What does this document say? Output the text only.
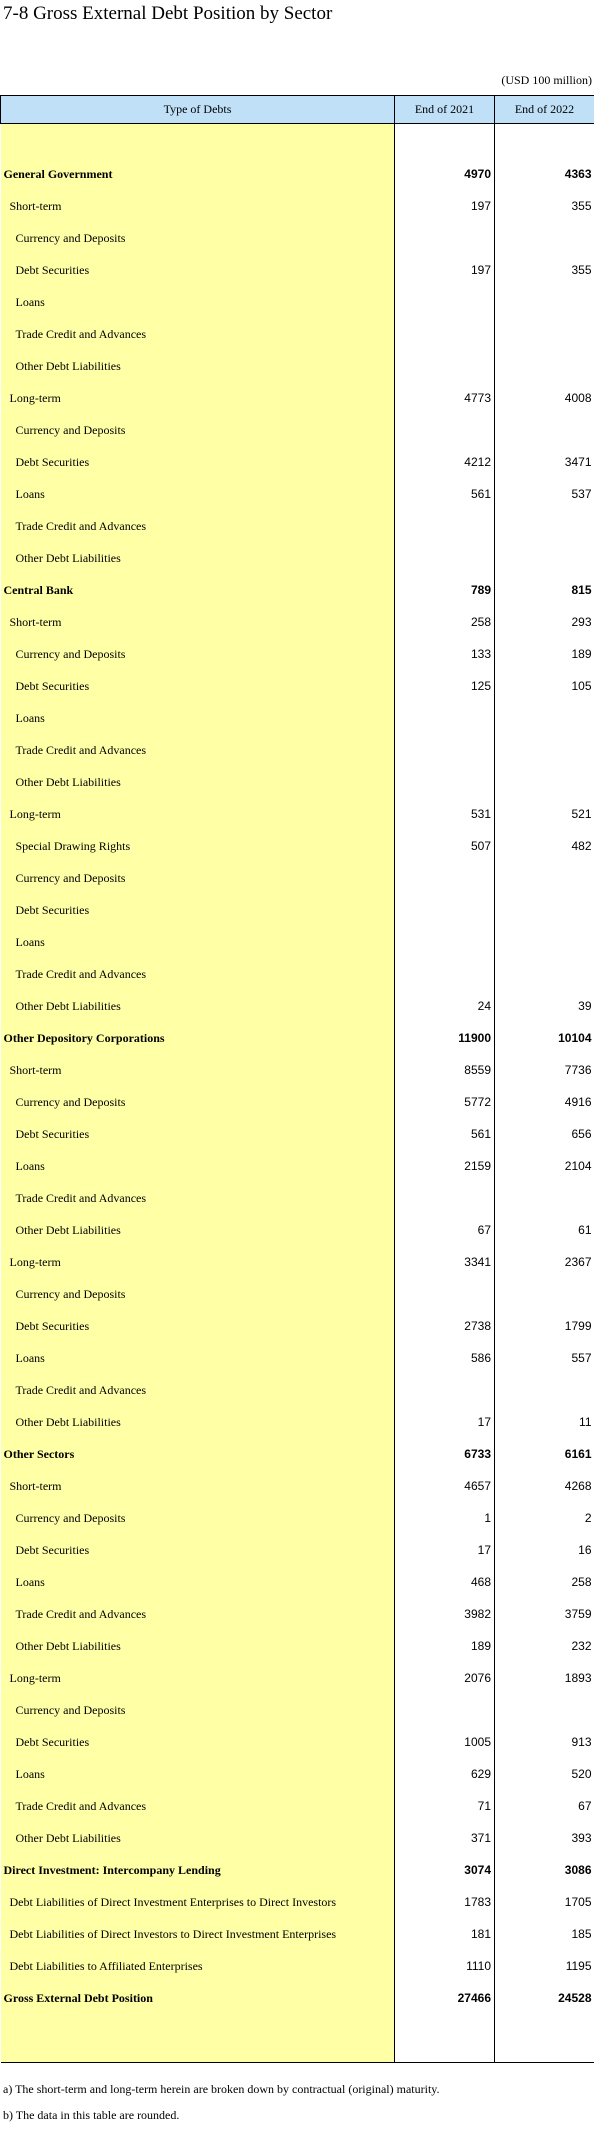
7-8 Gross External Debt Position by Sector
(USD 100 million)
Type of Debts	End of 2021	End of 2022

General Government	4970	4363
Short-term	197	355
Currency and Deposits		
Debt Securities	197	355
Loans		
Trade Credit and Advances		
Other Debt Liabilities		
Long-term	4773	4008
Currency and Deposits		
Debt Securities	4212	3471
Loans	561	537
Trade Credit and Advances		
Other Debt Liabilities		
Central Bank	789	815
Short-term	258	293
Currency and Deposits	133	189
Debt Securities	125	105
Loans		
Trade Credit and Advances		
Other Debt Liabilities		
Long-term	531	521
Special Drawing Rights	507	482
Currency and Deposits		
Debt Securities		
Loans		
Trade Credit and Advances		
Other Debt Liabilities	24	39
Other Depository Corporations	11900	10104
Short-term	8559	7736
Currency and Deposits	5772	4916
Debt Securities	561	656
Loans	2159	2104
Trade Credit and Advances		
Other Debt Liabilities	67	61
Long-term	3341	2367
Currency and Deposits		
Debt Securities	2738	1799
Loans	586	557
Trade Credit and Advances		
Other Debt Liabilities	17	11
Other Sectors	6733	6161
Short-term	4657	4268
Currency and Deposits	1	2
Debt Securities	17	16
Loans	468	258
Trade Credit and Advances	3982	3759
Other Debt Liabilities	189	232
Long-term	2076	1893
Currency and Deposits		
Debt Securities	1005	913
Loans	629	520
Trade Credit and Advances	71	67
Other Debt Liabilities	371	393
Direct Investment: Intercompany Lending	3074	3086
Debt Liabilities of Direct Investment Enterprises to Direct Investors	1783	1705
Debt Liabilities of Direct Investors to Direct Investment Enterprises	181	185
Debt Liabilities to Affiliated Enterprises	1110	1195
Gross External Debt Position	27466	24528

a) The short-term and long-term herein are broken down by contractual (original) maturity.
b) The data in this table are rounded.
